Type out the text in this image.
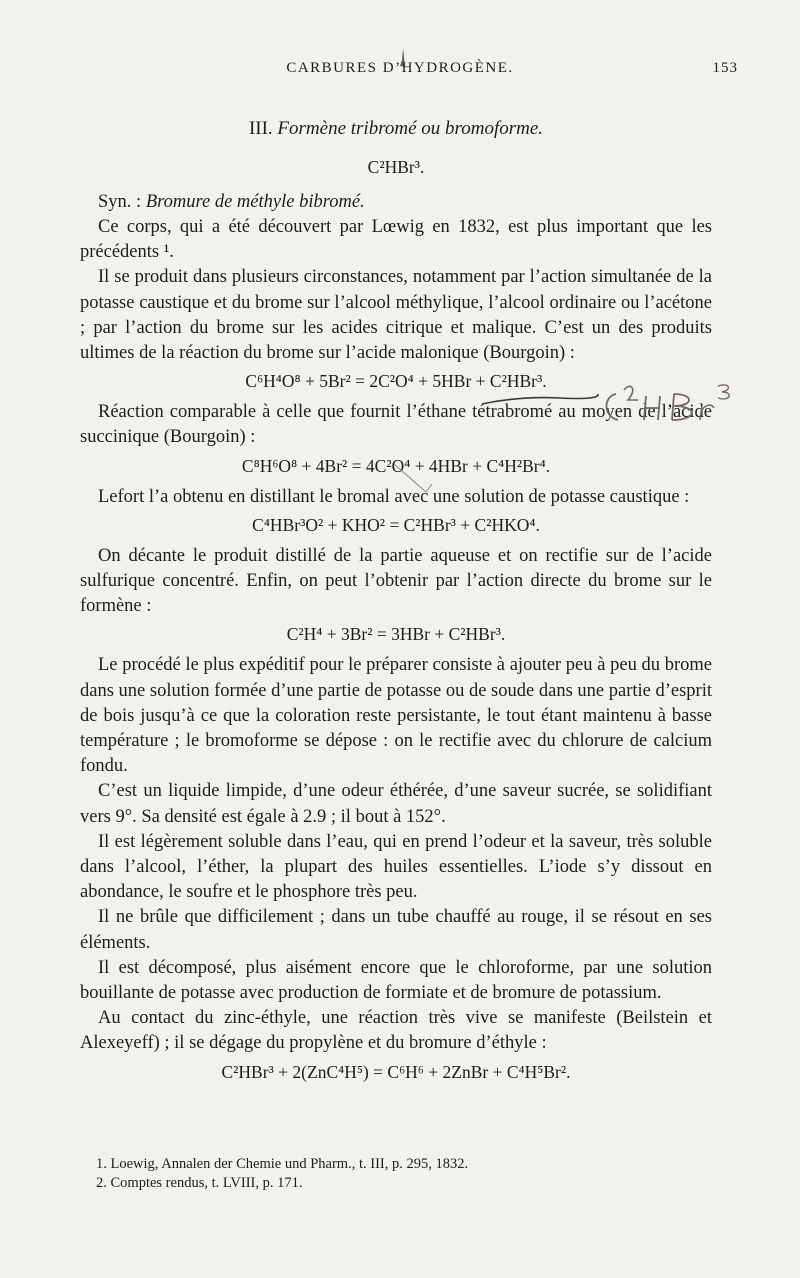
CARBURES D’HYDROGÈNE.	153
III. Formène tribromé ou bromoforme.
C²HBr³.

Syn. : Bromure de méthyle bibromé.

Ce corps, qui a été découvert par Lœwig en 1832, est plus important que les précédents ¹.

Il se produit dans plusieurs circonstances, notamment par l’action simultanée de la potasse caustique et du brome sur l’alcool méthylique, l’alcool ordinaire ou l’acétone ; par l’action du brome sur les acides citrique et malique. C’est un des produits ultimes de la réaction du brome sur l’acide malonique (Bourgoin) :

C⁶H⁴O⁸ + 5Br² = 2C²O⁴ + 5HBr + C²HBr³.

Réaction comparable à celle que fournit l’éthane tétrabromé au moyen de l’acide succinique (Bourgoin) :

C⁸H⁶O⁸ + 4Br² = 4C²O⁴ + 4HBr + C⁴H²Br⁴.

Lefort l’a obtenu en distillant le bromal avec une solution de potasse caustique :

C⁴HBr³O² + KHO² = C²HBr³ + C²HKO⁴.

On décante le produit distillé de la partie aqueuse et on rectifie sur de l’acide sulfurique concentré. Enfin, on peut l’obtenir par l’action directe du brome sur le formène :

C²H⁴ + 3Br² = 3HBr + C²HBr³.

Le procédé le plus expéditif pour le préparer consiste à ajouter peu à peu du brome dans une solution formée d’une partie de potasse ou de soude dans une partie d’esprit de bois jusqu’à ce que la coloration reste persistante, le tout étant maintenu à basse température ; le bromoforme se dépose : on le rectifie avec du chlorure de calcium fondu.

C’est un liquide limpide, d’une odeur éthérée, d’une saveur sucrée, se solidifiant vers 9°. Sa densité est égale à 2.9 ; il bout à 152°.

Il est légèrement soluble dans l’eau, qui en prend l’odeur et la saveur, très soluble dans l’alcool, l’éther, la plupart des huiles essentielles. L’iode s’y dissout en abondance, le soufre et le phosphore très peu.

Il ne brûle que difficilement ; dans un tube chauffé au rouge, il se résout en ses éléments.

Il est décomposé, plus aisément encore que le chloroforme, par une solution bouillante de potasse avec production de formiate et de bromure de potassium.

Au contact du zinc-éthyle, une réaction très vive se manifeste (Beilstein et Alexeyeff) ; il se dégage du propylène et du bromure d’éthyle :

C²HBr³ + 2(ZnC⁴H⁵) = C⁶H⁶ + 2ZnBr + C⁴H⁵Br².

1. Loewig, Annalen der Chemie und Pharm., t. III, p. 295, 1832.

2. Comptes rendus, t. LVIII, p. 171.
